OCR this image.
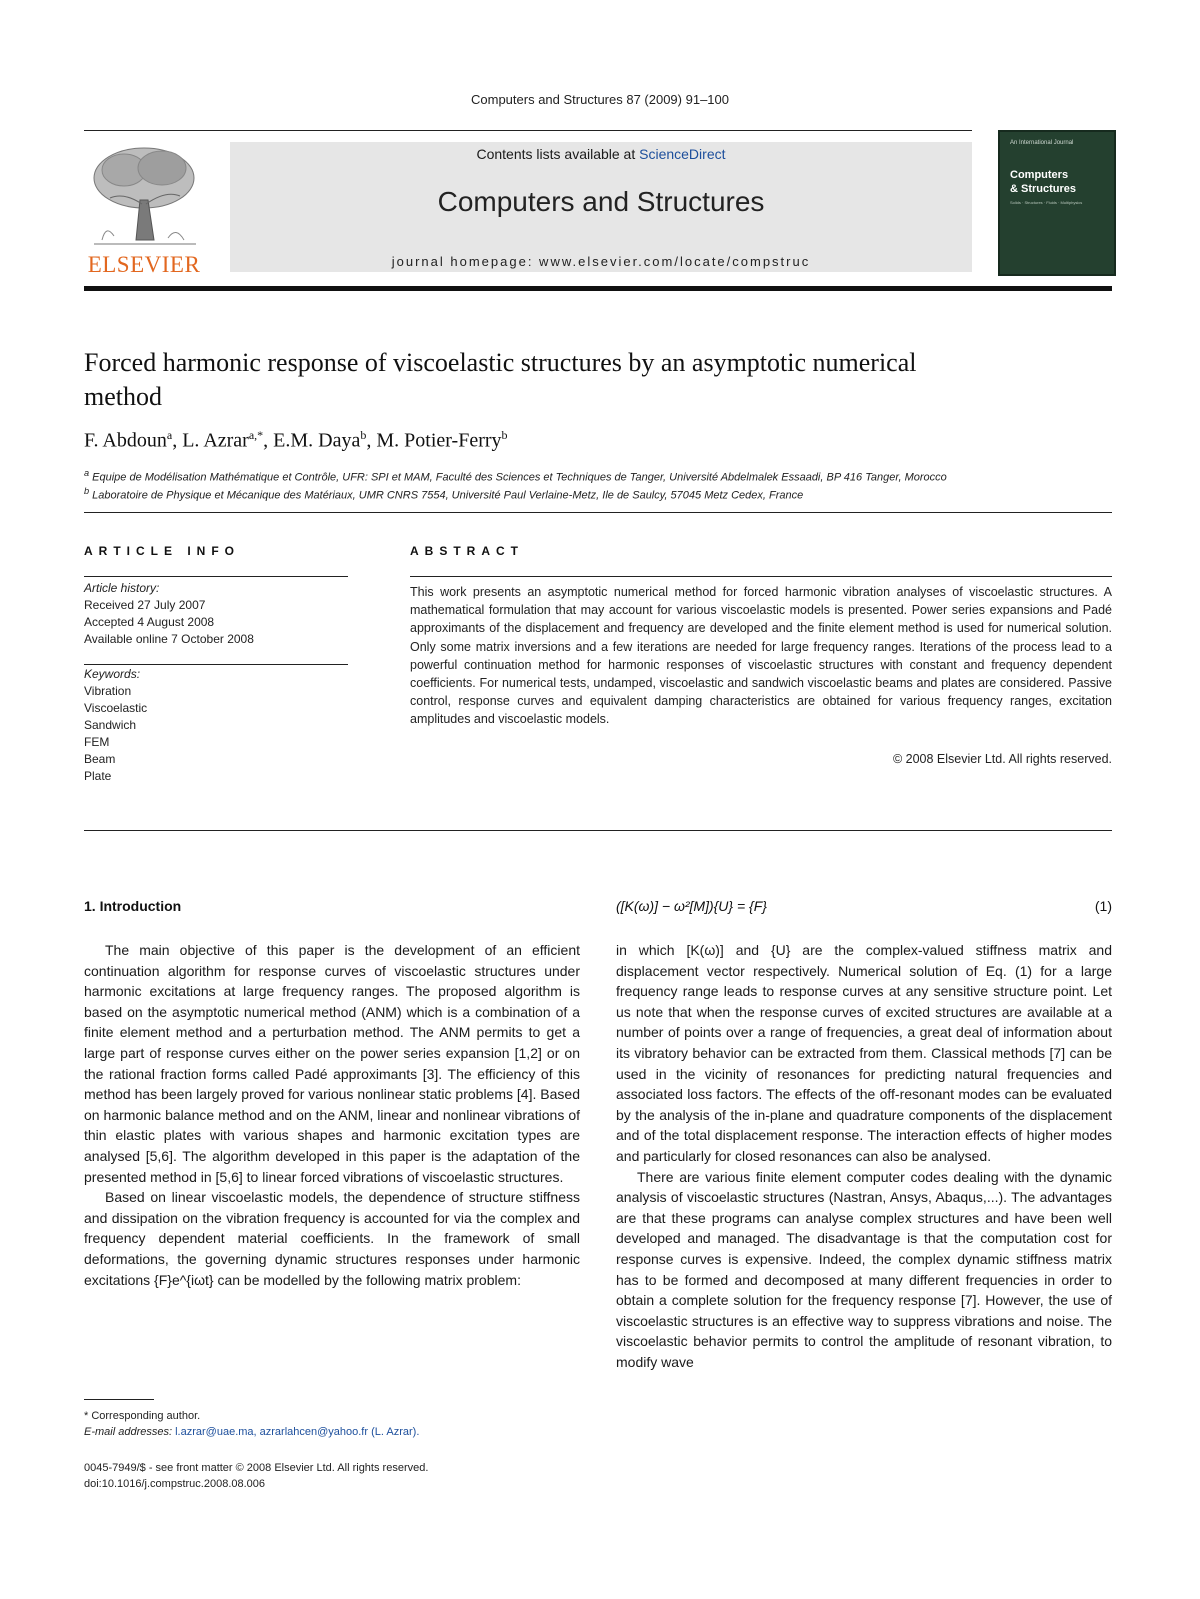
Computers and Structures 87 (2009) 91–100
ELSEVIER
Contents lists available at ScienceDirect
Computers and Structures
journal homepage: www.elsevier.com/locate/compstruc
An International Journal
Computers
& Structures
Solids · Structures · Fluids · Multiphysics
Forced harmonic response of viscoelastic structures by an asymptotic numerical method
F. Abdoun$^a$, L. Azrar$^{a,*}$, E.M. Daya$^b$, M. Potier-Ferry$^b$
$^a$ Equipe de Modélisation Mathématique et Contrôle, UFR: SPI et MAM, Faculté des Sciences et Techniques de Tanger, Université Abdelmalek Essaadi, BP 416 Tanger, Morocco
$^b$ Laboratoire de Physique et Mécanique des Matériaux, UMR CNRS 7554, Université Paul Verlaine-Metz, Ile de Saulcy, 57045 Metz Cedex, France
ARTICLE INFO
Article history:
Received 27 July 2007
Accepted 4 August 2008
Available online 7 October 2008
Keywords:
Vibration
Viscoelastic
Sandwich
FEM
Beam
Plate
ABSTRACT
This work presents an asymptotic numerical method for forced harmonic vibration analyses of viscoelastic structures. A mathematical formulation that may account for various viscoelastic models is presented. Power series expansions and Padé approximants of the displacement and frequency are developed and the finite element method is used for numerical solution. Only some matrix inversions and a few iterations are needed for large frequency ranges. Iterations of the process lead to a powerful continuation method for harmonic responses of viscoelastic structures with constant and frequency dependent coefficients. For numerical tests, undamped, viscoelastic and sandwich viscoelastic beams and plates are considered. Passive control, response curves and equivalent damping characteristics are obtained for various frequency ranges, excitation amplitudes and viscoelastic models.
© 2008 Elsevier Ltd. All rights reserved.
1. Introduction

The main objective of this paper is the development of an efficient continuation algorithm for response curves of viscoelastic structures under harmonic excitations at large frequency ranges. The proposed algorithm is based on the asymptotic numerical method (ANM) which is a combination of a finite element method and a perturbation method. The ANM permits to get a large part of response curves either on the power series expansion [1,2] or on the rational fraction forms called Padé approximants [3]. The efficiency of this method has been largely proved for various nonlinear static problems [4]. Based on harmonic balance method and on the ANM, linear and nonlinear vibrations of thin elastic plates with various shapes and harmonic excitation types are analysed [5,6]. The algorithm developed in this paper is the adaptation of the presented method in [5,6] to linear forced vibrations of viscoelastic structures.

Based on linear viscoelastic models, the dependence of structure stiffness and dissipation on the vibration frequency is accounted for via the complex and frequency dependent material coefficients. In the framework of small deformations, the governing dynamic structures responses under harmonic excitations {F}e^{iωt} can be modelled by the following matrix problem:

([K(ω)] − ω²[M]){U} = {F}	(1)

in which [K(ω)] and {U} are the complex-valued stiffness matrix and displacement vector respectively. Numerical solution of Eq. (1) for a large frequency range leads to response curves at any sensitive structure point. Let us note that when the response curves of excited structures are available at a number of points over a range of frequencies, a great deal of information about its vibratory behavior can be extracted from them. Classical methods [7] can be used in the vicinity of resonances for predicting natural frequencies and associated loss factors. The effects of the off-resonant modes can be evaluated by the analysis of the in-plane and quadrature components of the displacement and of the total displacement response. The interaction effects of higher modes and particularly for closed resonances can also be analysed.

There are various finite element computer codes dealing with the dynamic analysis of viscoelastic structures (Nastran, Ansys, Abaqus,...). The advantages are that these programs can analyse complex structures and have been well developed and managed. The disadvantage is that the computation cost for response curves is expensive. Indeed, the complex dynamic stiffness matrix has to be formed and decomposed at many different frequencies in order to obtain a complete solution for the frequency response [7]. However, the use of viscoelastic structures is an effective way to suppress vibrations and noise. The viscoelastic behavior permits to control the amplitude of resonant vibration, to modify wave

* Corresponding author.
E-mail addresses: l.azrar@uae.ma, azrarlahcen@yahoo.fr (L. Azrar).
0045-7949/$ - see front matter © 2008 Elsevier Ltd. All rights reserved.
doi:10.1016/j.compstruc.2008.08.006
